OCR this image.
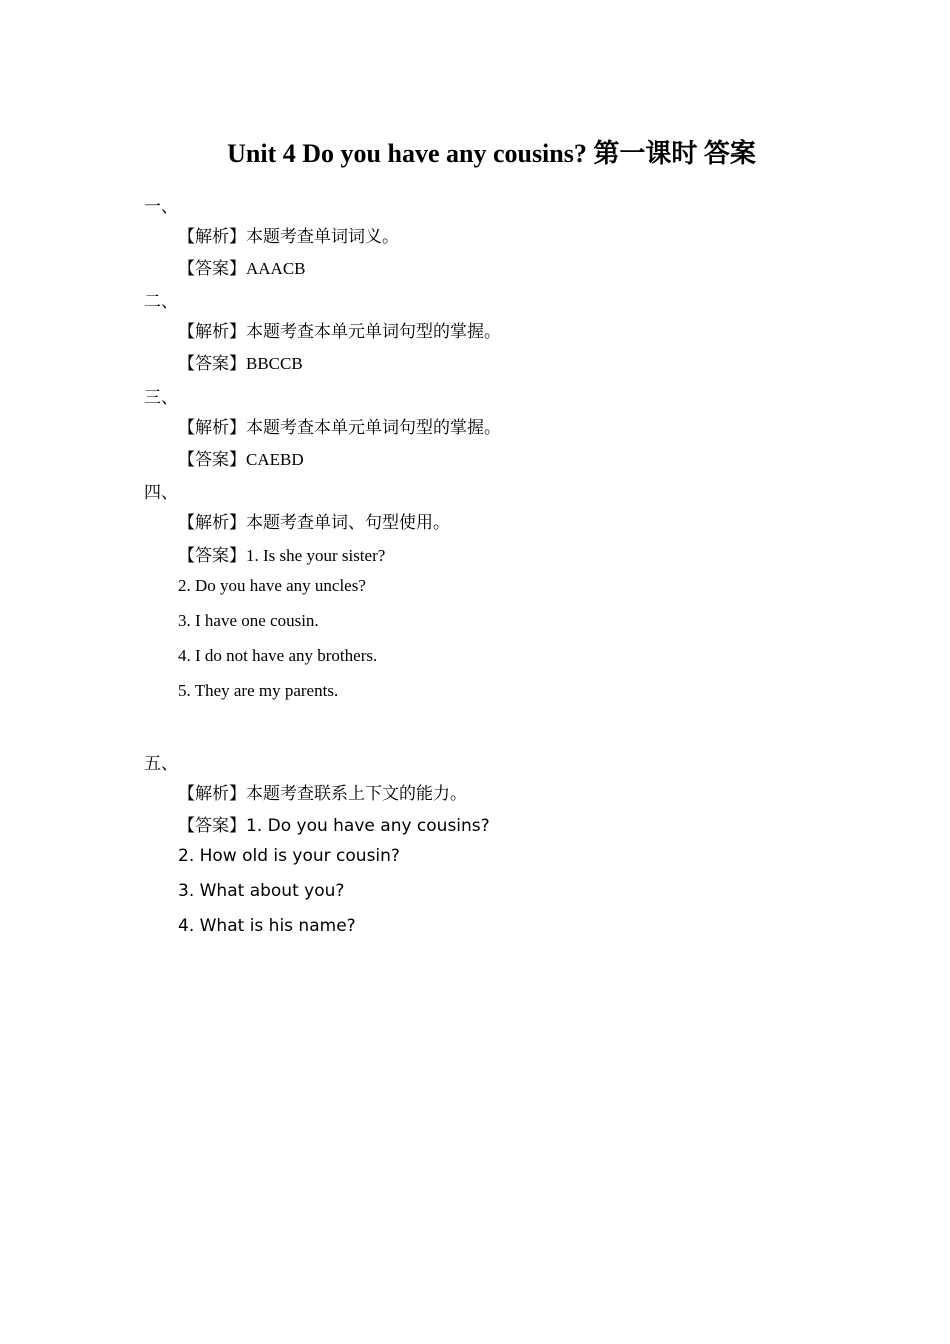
Unit 4 Do you have any cousins? 第一课时 答案
一、
【解析】本题考查单词词义。
【答案】AAACB
二、
【解析】本题考查本单元单词句型的掌握。
【答案】BBCCB
三、
【解析】本题考查本单元单词句型的掌握。
【答案】CAEBD
四、
【解析】本题考查单词、句型使用。
【答案】1. Is she your sister?
2. Do you have any uncles?
3. I have one cousin.
4. I do not have any brothers.
5. They are my parents.
五、
【解析】本题考查联系上下文的能力。
【答案】1. Do you have any cousins?
2. How old is your cousin?
3. What about you?
4. What is his name?
